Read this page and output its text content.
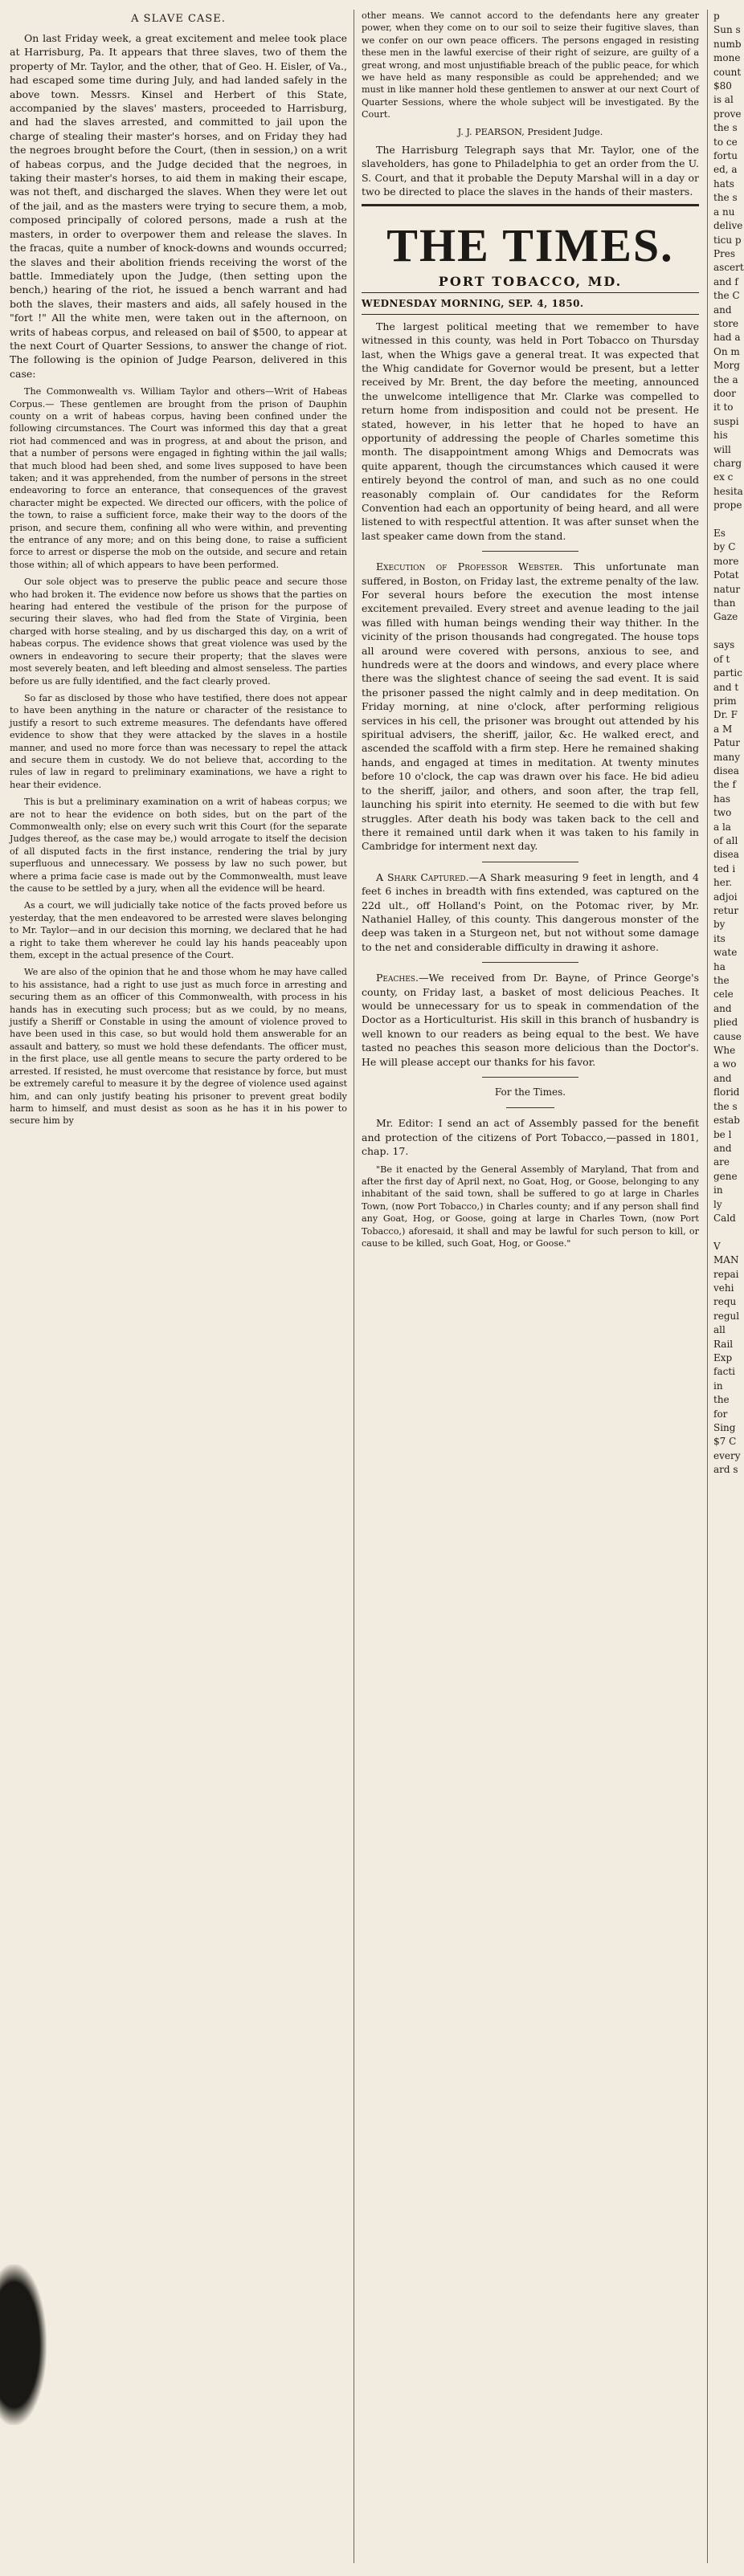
A SLAVE CASE.

On last Friday week, a great excitement and melee took place at Harrisburg, Pa. It appears that three slaves, two of them the property of Mr. Taylor, and the other, that of Geo. H. Eisler, of Va., had escaped some time during July, and had landed safely in the above town. Messrs. Kinsel and Herbert of this State, accompanied by the slaves' masters, proceeded to Harrisburg, and had the slaves arrested, and committed to jail upon the charge of stealing their master's horses, and on Friday they had the negroes brought before the Court, (then in session,) on a writ of habeas corpus, and the Judge decided that the negroes, in taking their master's horses, to aid them in making their escape, was not theft, and discharged the slaves. When they were let out of the jail, and as the masters were trying to secure them, a mob, composed principally of colored persons, made a rush at the masters, in order to overpower them and release the slaves. In the fracas, quite a number of knock-downs and wounds occurred; the slaves and their abolition friends receiving the worst of the battle. Immediately upon the Judge, (then setting upon the bench,) hearing of the riot, he issued a bench warrant and had both the slaves, their masters and aids, all safely housed in the "fort !" All the white men, were taken out in the afternoon, on writs of habeas corpus, and released on bail of $500, to appear at the next Court of Quarter Sessions, to answer the change of riot. The following is the opinion of Judge Pearson, delivered in this case:

The Commonwealth vs. William Taylor and others—Writ of Habeas Corpus.— These gentlemen are brought from the prison of Dauphin county on a writ of habeas corpus, having been confined under the following circumstances. The Court was informed this day that a great riot had commenced and was in progress, at and about the prison, and that a number of persons were engaged in fighting within the jail walls; that much blood had been shed, and some lives supposed to have been taken; and it was apprehended, from the number of persons in the street endeavoring to force an enterance, that consequences of the gravest character might be expected. We directed our officers, with the police of the town, to raise a sufficient force, make their way to the doors of the prison, and secure them, confining all who were within, and preventing the entrance of any more; and on this being done, to raise a sufficient force to arrest or disperse the mob on the outside, and secure and retain those within; all of which appears to have been performed.

Our sole object was to preserve the public peace and secure those who had broken it. The evidence now before us shows that the parties on hearing had entered the vestibule of the prison for the purpose of securing their slaves, who had fled from the State of Virginia, been charged with horse stealing, and by us discharged this day, on a writ of habeas corpus. The evidence shows that great violence was used by the owners in endeavoring to secure their property; that the slaves were most severely beaten, and left bleeding and almost senseless. The parties before us are fully identified, and the fact clearly proved.

So far as disclosed by those who have testified, there does not appear to have been anything in the nature or character of the resistance to justify a resort to such extreme measures. The defendants have offered evidence to show that they were attacked by the slaves in a hostile manner, and used no more force than was necessary to repel the attack and secure them in custody. We do not believe that, according to the rules of law in regard to preliminary examinations, we have a right to hear their evidence.

This is but a preliminary examination on a writ of habeas corpus; we are not to hear the evidence on both sides, but on the part of the Commonwealth only; else on every such writ this Court (for the separate Judges thereof, as the case may be,) would arrogate to itself the decision of all disputed facts in the first instance, rendering the trial by jury superfluous and unnecessary. We possess by law no such power, but where a prima facie case is made out by the Commonwealth, must leave the cause to be settled by a jury, when all the evidence will be heard.

As a court, we will judicially take notice of the facts proved before us yesterday, that the men endeavored to be arrested were slaves belonging to Mr. Taylor—and in our decision this morning, we declared that he had a right to take them wherever he could lay his hands peaceably upon them, except in the actual presence of the Court.

We are also of the opinion that he and those whom he may have called to his assistance, had a right to use just as much force in arresting and securing them as an officer of this Commonwealth, with process in his hands has in executing such process; but as we could, by no means, justify a Sheriff or Constable in using the amount of violence proved to have been used in this case, so but would hold them answerable for an assault and battery, so must we hold these defendants. The officer must, in the first place, use all gentle means to secure the party ordered to be arrested. If resisted, he must overcome that resistance by force, but must be extremely careful to measure it by the degree of violence used against him, and can only justify beating his prisoner to prevent great bodily harm to himself, and must desist as soon as he has it in his power to secure him by

other means. We cannot accord to the defendants here any greater power, when they come on to our soil to seize their fugitive slaves, than we confer on our own peace officers. The persons engaged in resisting these men in the lawful exercise of their right of seizure, are guilty of a great wrong, and most unjustifiable breach of the public peace, for which we have held as many responsible as could be apprehended; and we must in like manner hold these gentlemen to answer at our next Court of Quarter Sessions, where the whole subject will be investigated. By the Court.

J. J. PEARSON, President Judge.

The Harrisburg Telegraph says that Mr. Taylor, one of the slaveholders, has gone to Philadelphia to get an order from the U. S. Court, and that it probable the Deputy Marshal will in a day or two be directed to place the slaves in the hands of their masters.

THE TIMES.
PORT TOBACCO, MD.

WEDNESDAY MORNING, SEP. 4, 1850.

The largest political meeting that we remember to have witnessed in this county, was held in Port Tobacco on Thursday last, when the Whigs gave a general treat. It was expected that the Whig candidate for Governor would be present, but a letter received by Mr. Brent, the day before the meeting, announced the unwelcome intelligence that Mr. Clarke was compelled to return home from indisposition and could not be present. He stated, however, in his letter that he hoped to have an opportunity of addressing the people of Charles sometime this month. The disappointment among Whigs and Democrats was quite apparent, though the circumstances which caused it were entirely beyond the control of man, and such as no one could reasonably complain of. Our candidates for the Reform Convention had each an opportunity of being heard, and all were listened to with respectful attention. It was after sunset when the last speaker came down from the stand.

Execution of Professor Webster. This unfortunate man suffered, in Boston, on Friday last, the extreme penalty of the law. For several hours before the execution the most intense excitement prevailed. Every street and avenue leading to the jail was filled with human beings wending their way thither. In the vicinity of the prison thousands had congregated. The house tops all around were covered with persons, anxious to see, and hundreds were at the doors and windows, and every place where there was the slightest chance of seeing the sad event. It is said the prisoner passed the night calmly and in deep meditation. On Friday morning, at nine o'clock, after performing religious services in his cell, the prisoner was brought out attended by his spiritual advisers, the sheriff, jailor, &c. He walked erect, and ascended the scaffold with a firm step. Here he remained shaking hands, and engaged at times in meditation. At twenty minutes before 10 o'clock, the cap was drawn over his face. He bid adieu to the sheriff, jailor, and others, and soon after, the trap fell, launching his spirit into eternity. He seemed to die with but few struggles. After death his body was taken back to the cell and there it remained until dark when it was taken to his family in Cambridge for interment next day.

A Shark Captured.—A Shark measuring 9 feet in length, and 4 feet 6 inches in breadth with fins extended, was captured on the 22d ult., off Holland's Point, on the Potomac river, by Mr. Nathaniel Halley, of this county. This dangerous monster of the deep was taken in a Sturgeon net, but not without some damage to the net and considerable difficulty in drawing it ashore.

Peaches.—We received from Dr. Bayne, of Prince George's county, on Friday last, a basket of most delicious Peaches. It would be unnecessary for us to speak in commendation of the Doctor as a Horticulturist. His skill in this branch of husbandry is well known to our readers as being equal to the best. We have tasted no peaches this season more delicious than the Doctor's. He will please accept our thanks for his favor.

For the Times.

Mr. Editor: I send an act of Assembly passed for the benefit and protection of the citizens of Port Tobacco,—passed in 1801, chap. 17.

"Be it enacted by the General Assembly of Maryland, That from and after the first day of April next, no Goat, Hog, or Goose, belonging to any inhabitant of the said town, shall be suffered to go at large in Charles Town, (now Port Tobacco,) in Charles county; and if any person shall find any Goat, Hog, or Goose, going at large in Charles Town, (now Port Tobacco,) aforesaid, it shall and may be lawful for such person to kill, or cause to be killed, such Goat, Hog, or Goose."

p
Sun s
numb
mone
count
$80
is al
prove
the s
to ce
fortu
ed, a
hats
the s
a nu
delive
ticu p
Pres
ascert
and f
the C
and
store
had a
On m
Morg
the a
door
it to
suspi
his
will
charg
ex c
hesita
prope

Es
by C
more
Potat
natur
than
Gaze

says
of t
partic
and t
prim
Dr. F
a M
Patur
many
disea
the f
has
two
a la
of all
disea
ted i
her.
adjoi
retur
by
its
wate
ha
the
cele
and
plied
cause
Whe
a wo
and
florid
the s
estab
be l
and
are
gene
in
ly
Cald

V
MAN
repai
vehi
requ
regul
all
Rail
Exp
facti
in
the
for
Sing
$7 C
every
ard s
